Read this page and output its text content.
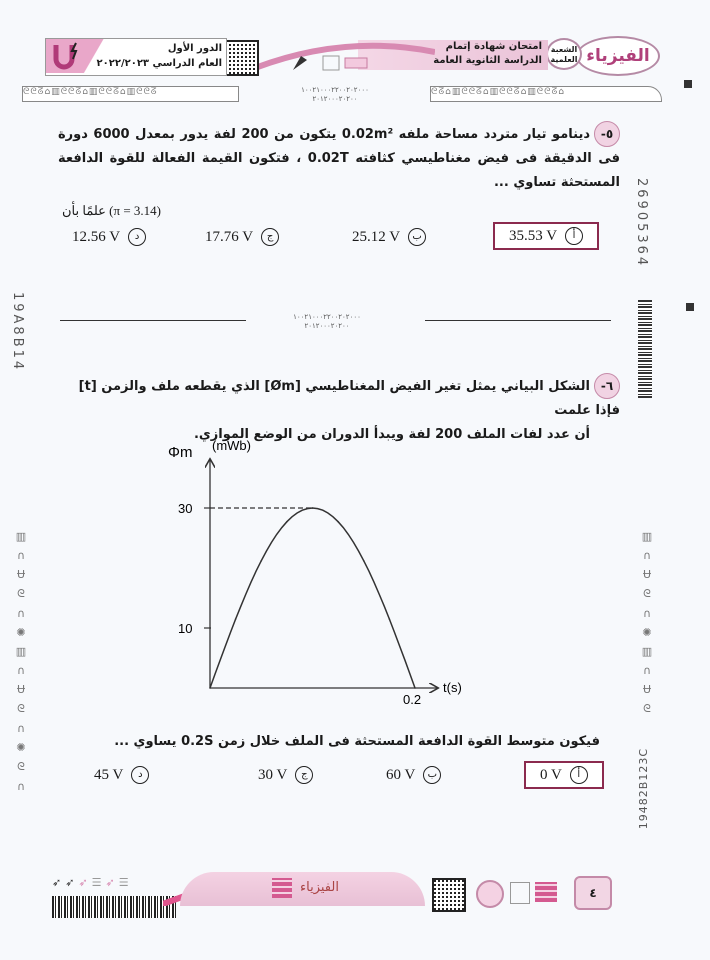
الفيزياء
الشعبة العلمية
امتحان شهادة إتمام
الدراسة الثانوية العامة
الدور الأول
العام الدراسي ٢٠٢٢/٢٠٢٣
ᘓᘓᘔ⌂▥ᘓᘓᘔ⌂▥ᘓᘓᘔ⌂▥ᘓᘓᘔ	ᘓᘔ⌂▥ᘓᘓᘔ⌂▥ᘓᘓᘔ⌂▥ᘓᘓᘔ⌂
١٠٠٢١٠٠٠٢٢٠٠٢٠٢٠٠٠
٢٠١٢٠٠٠٢٠٢٠٠
٥-دينامو تيار متردد مساحة ملفه 0.02m² يتكون من 200 لفة يدور بمعدل 6000 دورة فى الدقيقة فى فيض مغناطيسي كثافته 0.02T ، فتكون القيمة الفعالة للقوة الدافعة المستحثة تساوي ...
علمًا بأن (π = 3.14)
35.53 V	أ
25.12 V	ب
17.76 V	ج
12.56 V	د
١٠٠٢١٠٠٠٢٢٠٠٢٠٢٠٠٠
٢٠١٢٠٠٠٢٠٢٠٠
٦-الشكل البياني يمثل تغير الفيض المغناطيسي [Øm] الذي يقطعه ملف والزمن [t] فإذا علمت
أن عدد لفات الملف 200 لفة ويبدأ الدوران من الوضع الموازي.
10
30
0.2
Φm (mWb)
t(s)
فيكون متوسط القوة الدافعة المستحثة فى الملف خلال زمن 0.2S يساوي ...
0 V	أ
60 V	ب
30 V	ج
45 V	د
19A8B14
▥
∩
Ʉ
ᘓ
∩
✺
▥
∩
Ʉ
ᘓ
∩
✺
ᘓ
∩
26905364
▥
∩
Ʉ
ᘓ
∩
✺
▥
∩
Ʉ
ᘓ
19482B123C
➶ ➶ ➶ ☰ ➶ ☰	الفيزياء	٤
